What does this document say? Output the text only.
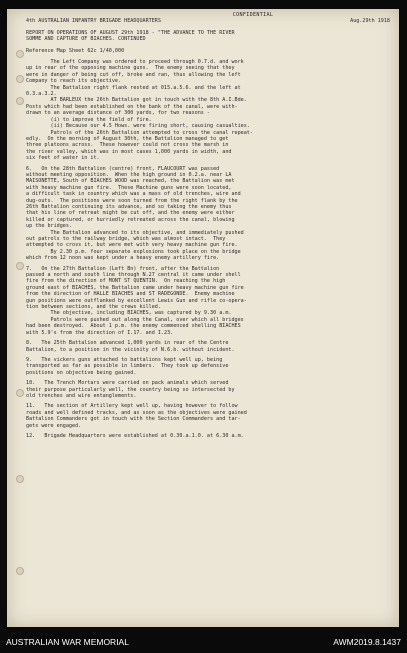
CONFIDENTIAL
4th AUSTRALIAN INFANTRY BRIGADE HEADQUARTERS	Aug.29th 1918
REPORT ON OPERATIONS OF AUGUST 29th 1918 - "THE ADVANCE TO THE RIVER
SOMME AND CAPTURE OF BIACHES. CONTINUED
Reference Map Sheet 62c 1/40,000
The Left Company was ordered to proceed through 0.7.d. and work
up in rear of the opposing machine guns.  The enemy seeing that they
were in danger of being cut off, broke and ran, thus allowing the left
Company to reach its objective.
The Battalion right flank rested at 015.a.5.6. and the left at
0.3.a.3.2.
AT BARLEUX the 26th Battalion got in touch with the 8th A.I.Bde.
Posts which had been established on the bank of the canal, were with-
drawn to an average distance of 300 yards, for two reasons -
(i) to improve the field of fire.
(ii) Because our 4.5 Hows. were firing short, causing casualties.
Patrols of the 26th Battalion attempted to cross the canal repeat-
edly.  On the morning of August 30th, the Battalion managed to get
three platoons across.  These however could not cross the marsh in
the river valley, which was in most cases 1,000 yards in width, and
six feet of water in it.
6.   On the 28th Battalion (centre) front, FLAUCOURT was passed
without meeting opposition.  When the high ground in 0.2.a. near LA
MAISONETTE, South of BIACHES WOOD was reached, the Battalion was met
with heavy machine gun fire.  These Machine guns were soon located,
a difficult task in country which was a mass of old trenches, wire and
dug-outs.  The positions were soon turned from the right flank by the
26th Battalion continuing its advance, and so taking the enemy thus
that his line of retreat might be cut off, and the enemy were either
killed or captured, or hurriedly retreated across the canal, blowing
up the bridges.
The Battalion advanced to its objective, and immediately pushed
out patrols to the railway bridge, which was almost intact.  They
attempted to cross it, but were met with very heavy machine gun fire.
By 2.30 p.m. four separate explosions took place on the bridge
which from 12 noon was kept under a heavy enemy artillery fire.
7.   On the 27th Battalion (Left Bn) front, after the Battalion
passed a north and south line through N.27 central it came under shell
fire from the direction of MONT ST QUENTIN.  On reaching the high
ground east of BIACHES, the Battalion came under heavy machine gun fire
from the direction of HALLE BIACHES and ST RADEGONDE.  Enemy machine
gun positions were outflanked by excellent Lewis Gun and rifle co-opera-
tion between sections, and the crews killed.
The objective, including BIACHES, was captured by 9.30 a.m.
Patrols were pushed out along the Canal, over which all bridges
had been destroyed.  About 1 p.m. the enemy commenced shelling BIACHES
with 5.9's from the direction of I.17. and I.23.
8.   The 25th Battalion advanced 1,000 yards in rear of the Centre
Battalion, to a position in the vicinity of N.6.b. without incident.
9.   The vickers guns attached to battalions kept well up, being
transported as far as possible in limbers.  They took up defensive
positions on objective being gained.
10.   The Trench Mortars were carried on pack animals which served
their purpose particularly well, the country being so intersected by
old trenches and wire entanglements.
11.   The section of Artillery kept well up, having however to follow
roads and well defined tracks, and as soon as the objectives were gained
Battalion Commanders got in touch with the Section Commanders and tar-
gets were engaged.
12.   Brigade Headquarters were established at 0.30.a.1.0. at 6.30 a.m.
AUSTRALIAN WAR MEMORIAL	AWM2019.8.1437
